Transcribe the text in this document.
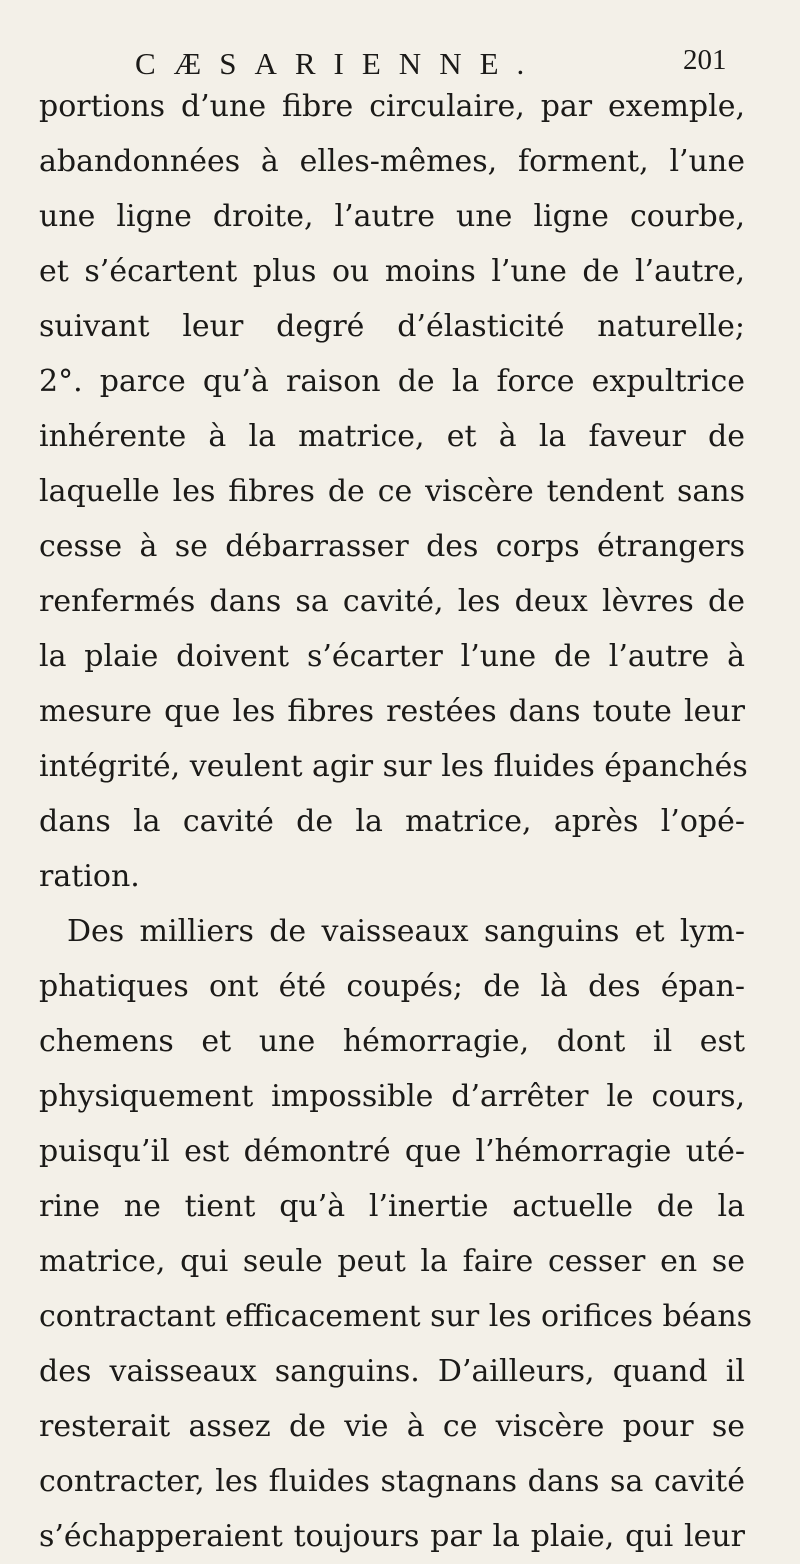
CÆSARIENNE.	201
portions d’une fibre circulaire, par exemple,
abandonnées à elles-mêmes, forment, l’une
une ligne droite, l’autre une ligne courbe,
et s’écartent plus ou moins l’une de l’autre,
suivant leur degré d’élasticité naturelle;
2°. parce qu’à raison de la force expultrice
inhérente à la matrice, et à la faveur de
laquelle les fibres de ce viscère tendent sans
cesse à se débarrasser des corps étrangers
renfermés dans sa cavité, les deux lèvres de
la plaie doivent s’écarter l’une de l’autre à
mesure que les fibres restées dans toute leur
intégrité, veulent agir sur les fluides épanchés
dans la cavité de la matrice, après l’opé-
ration.
Des milliers de vaisseaux sanguins et lym-
phatiques ont été coupés; de là des épan-
chemens et une hémorragie, dont il est
physiquement impossible d’arrêter le cours,
puisqu’il est démontré que l’hémorragie uté-
rine ne tient qu’à l’inertie actuelle de la
matrice, qui seule peut la faire cesser en se
contractant efficacement sur les orifices béans
des vaisseaux sanguins. D’ailleurs, quand il
resterait assez de vie à ce viscère pour se
contracter, les fluides stagnans dans sa cavité
s’échapperaient toujours par la plaie, qui leur
